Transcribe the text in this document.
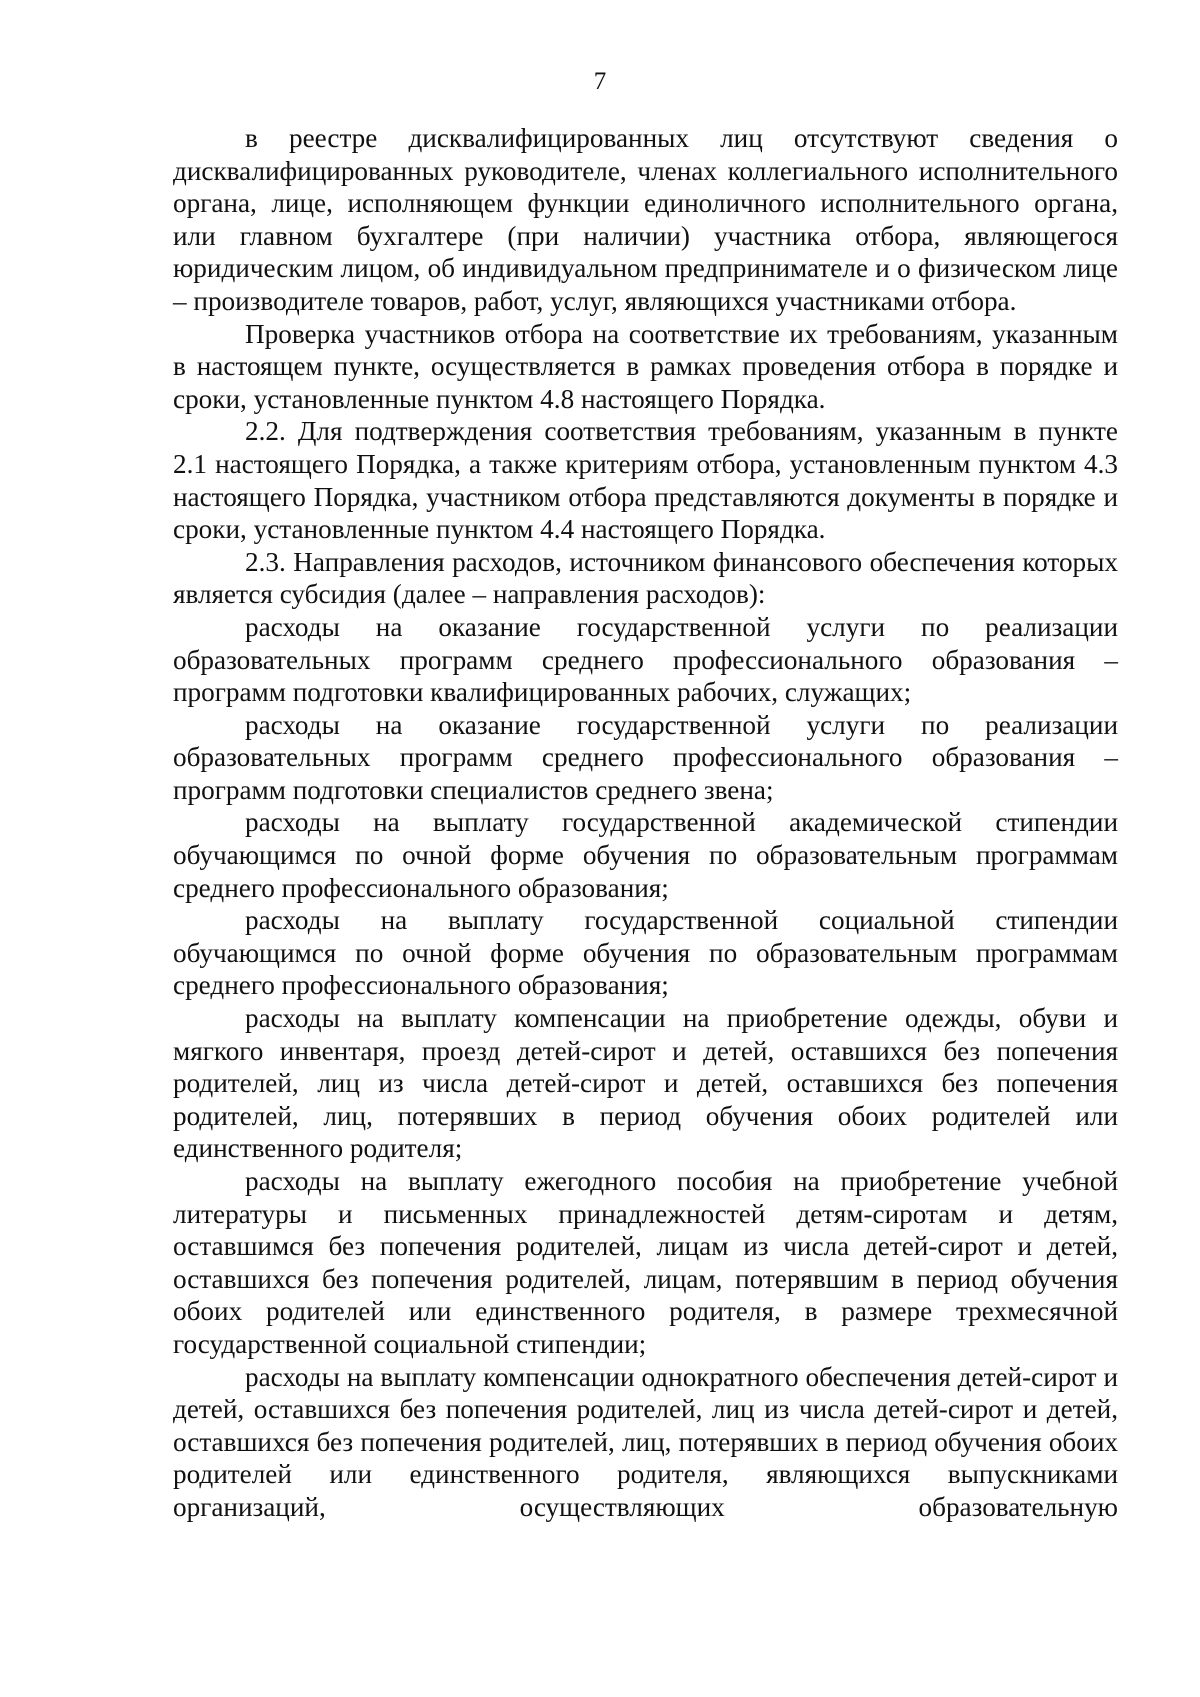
7

в реестре дисквалифицированных лиц отсутствуют сведения о дисквалифицированных руководителе, членах коллегиального исполнительного органа, лице, исполняющем функции единоличного исполнительного органа, или главном бухгалтере (при наличии) участника отбора, являющегося юридическим лицом, об индивидуальном предпринимателе и о физическом лице – производителе товаров, работ, услуг, являющихся участниками отбора.

Проверка участников отбора на соответствие их требованиям, указанным в настоящем пункте, осуществляется в рамках проведения отбора в порядке и сроки, установленные пунктом 4.8 настоящего Порядка.

2.2. Для подтверждения соответствия требованиям, указанным в пункте 2.1 настоящего Порядка, а также критериям отбора, установленным пунктом 4.3 настоящего Порядка, участником отбора представляются документы в порядке и сроки, установленные пунктом 4.4 настоящего Порядка.

2.3. Направления расходов, источником финансового обеспечения которых является субсидия (далее – направления расходов):

расходы на оказание государственной услуги по реализации образовательных программ среднего профессионального образования – программ подготовки квалифицированных рабочих, служащих;

расходы на оказание государственной услуги по реализации образовательных программ среднего профессионального образования – программ подготовки специалистов среднего звена;

расходы на выплату государственной академической стипендии обучающимся по очной форме обучения по образовательным программам среднего профессионального образования;

расходы на выплату государственной социальной стипендии обучающимся по очной форме обучения по образовательным программам среднего профессионального образования;

расходы на выплату компенсации на приобретение одежды, обуви и мягкого инвентаря, проезд детей-сирот и детей, оставшихся без попечения родителей, лиц из числа детей-сирот и детей, оставшихся без попечения родителей, лиц, потерявших в период обучения обоих родителей или единственного родителя;

расходы на выплату ежегодного пособия на приобретение учебной литературы и письменных принадлежностей детям-сиротам и детям, оставшимся без попечения родителей, лицам из числа детей-сирот и детей, оставшихся без попечения родителей, лицам, потерявшим в период обучения обоих родителей или единственного родителя, в размере трехмесячной государственной социальной стипендии;

расходы на выплату компенсации однократного обеспечения детей-сирот и детей, оставшихся без попечения родителей, лиц из числа детей-сирот и детей, оставшихся без попечения родителей, лиц, потерявших в период обучения обоих родителей или единственного родителя, являющихся выпускниками организаций, осуществляющих образовательную
